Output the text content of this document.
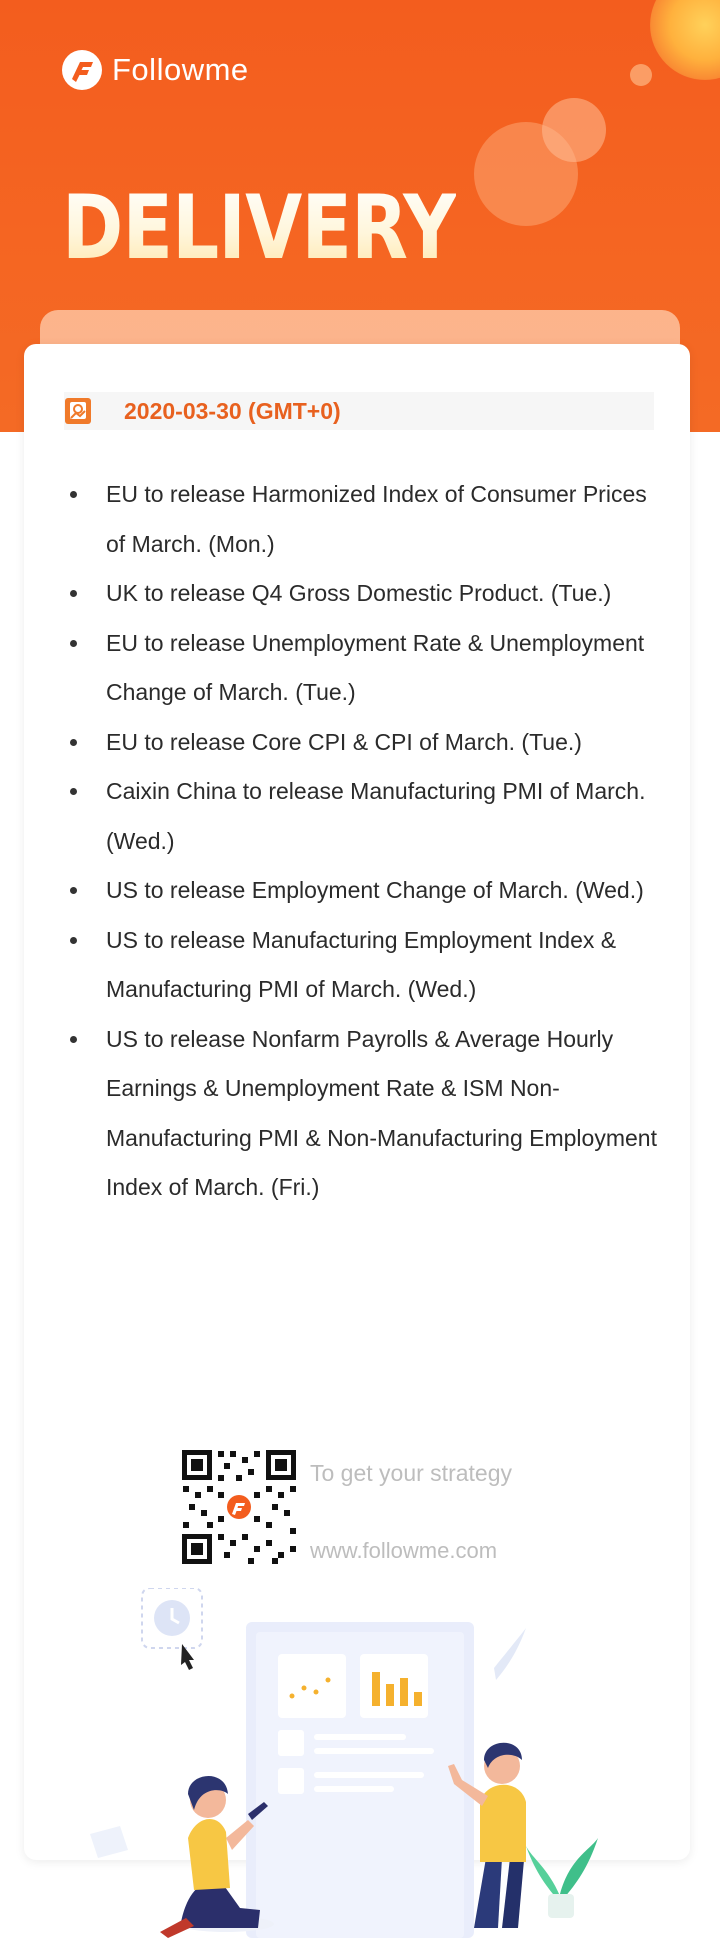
Followme
DELIVERY
2020-03-30 (GMT+0)
EU to release Harmonized Index of Consumer Prices of March. (Mon.)
UK to release Q4 Gross Domestic Product. (Tue.)
EU to release Unemployment Rate & Unemployment Change of March. (Tue.)
EU to release Core CPI & CPI of March. (Tue.)
Caixin China to release Manufacturing PMI of March. (Wed.)
US to release Employment Change of March. (Wed.)
US to release Manufacturing Employment Index & Manufacturing PMI of March. (Wed.)
US to release Nonfarm Payrolls & Average Hourly Earnings & Unemployment Rate & ISM Non-Manufacturing PMI & Non-Manufacturing Employment Index of March. (Fri.)
To get your strategy
www.followme.com
